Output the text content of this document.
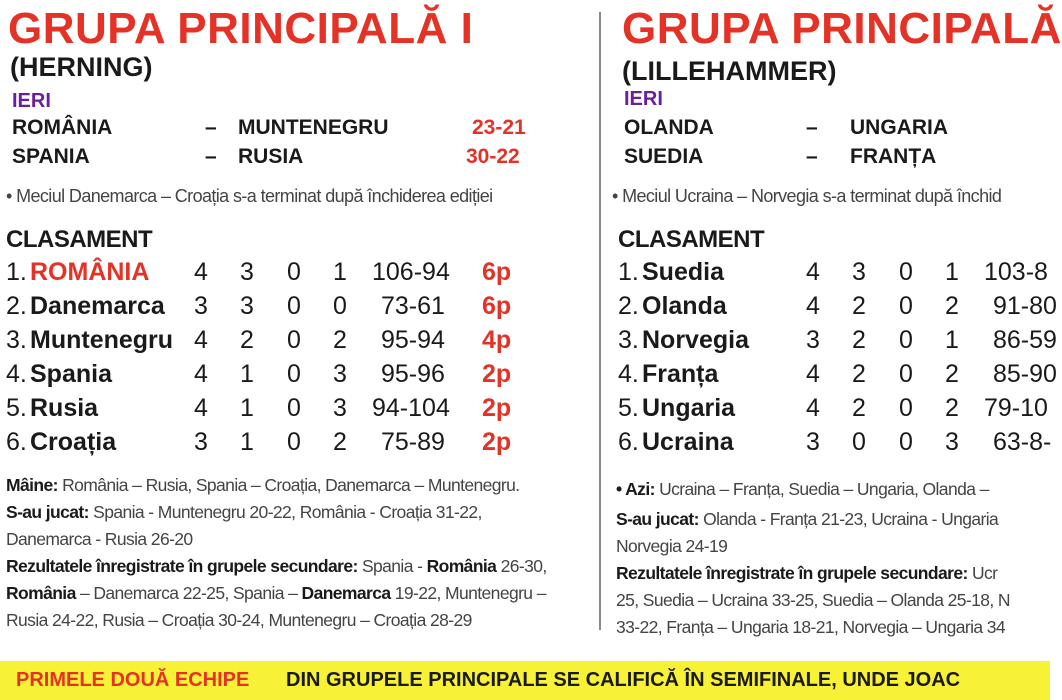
GRUPA PRINCIPALĂ I
(HERNING)
IERI
ROMÂNIA	– MUNTENEGRU	23-21
SPANIA	– RUSIA	30-22
• Meciul Danemarca – Croația s-a terminat după închiderea ediției
CLASAMENT
1. ROMÂNIA 4 3 0 1 106-94 6p
2. Danemarca 3 3 0 0 73-61 6p
3. Muntenegru 4 2 0 2 95-94 4p
4. Spania	4 1 0 3 95-96 2p
5. Rusia	4 1 0 3 94-104 2p
6. Croația	3 1 0 2 75-89 2p
Mâine: România – Rusia, Spania – Croația, Danemarca – Muntenegru.
S-au jucat: Spania - Muntenegru 20-22, România - Croația 31-22,
Danemarca - Rusia 26-20
Rezultatele înregistrate în grupele secundare: Spania - România 26-30,
România – Danemarca 22-25, Spania – Danemarca 19-22, Muntenegru –
Rusia 24-22, Rusia – Croația 30-24, Muntenegru – Croația 28-29
GRUPA PRINCIPALĂ
(LILLEHAMMER)
IERI
OLANDA	– UNGARIA
SUEDIA	– FRANȚA
• Meciul Ucraina – Norvegia s-a terminat după închid
CLASAMENT
1. Suedia	4 3 0 1 103-8
2. Olanda	4 2 0 2 91-80
3. Norvegia 3 2 0 1 86-59
4. Franța	4 2 0 2 85-90
5. Ungaria	4 2 0 2 79-10
6. Ucraina	3 0 0 3 63-8-
• Azi: Ucraina – Franța, Suedia – Ungaria, Olanda –
S-au jucat: Olanda - Franța 21-23, Ucraina - Ungaria
Norvegia 24-19
Rezultatele înregistrate în grupele secundare: Ucr
25, Suedia – Ucraina 33-25, Suedia – Olanda 25-18, N
33-22, Franța – Ungaria 18-21, Norvegia – Ungaria 34
PRIMELE DOUĂ ECHIPE DIN GRUPELE PRINCIPALE SE CALIFICĂ ÎN SEMIFINALE, UNDE JOAC
